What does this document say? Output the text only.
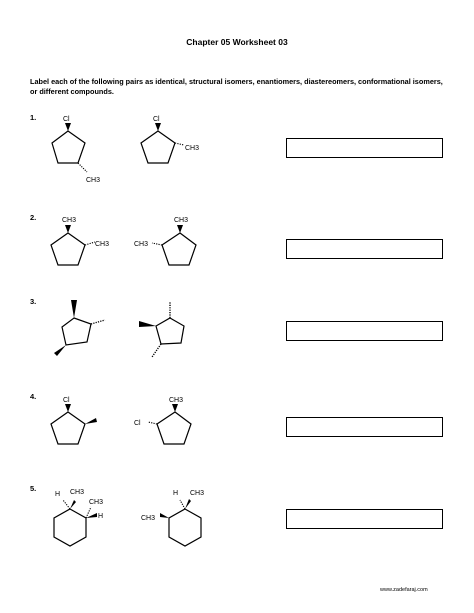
Chapter 05 Worksheet 03
Label each of the following pairs as identical, structural isomers, enantiomers, diastereomers, conformational isomers, or different compounds.
1.
2.
3.
4.
5.
Cl
CH3
Cl
CH3
CH3
CH3
CH3
CH3
Cl	CH3
Cl
H CH3
CH3
H
H CH3
CH3
www.zadefaraj.com
